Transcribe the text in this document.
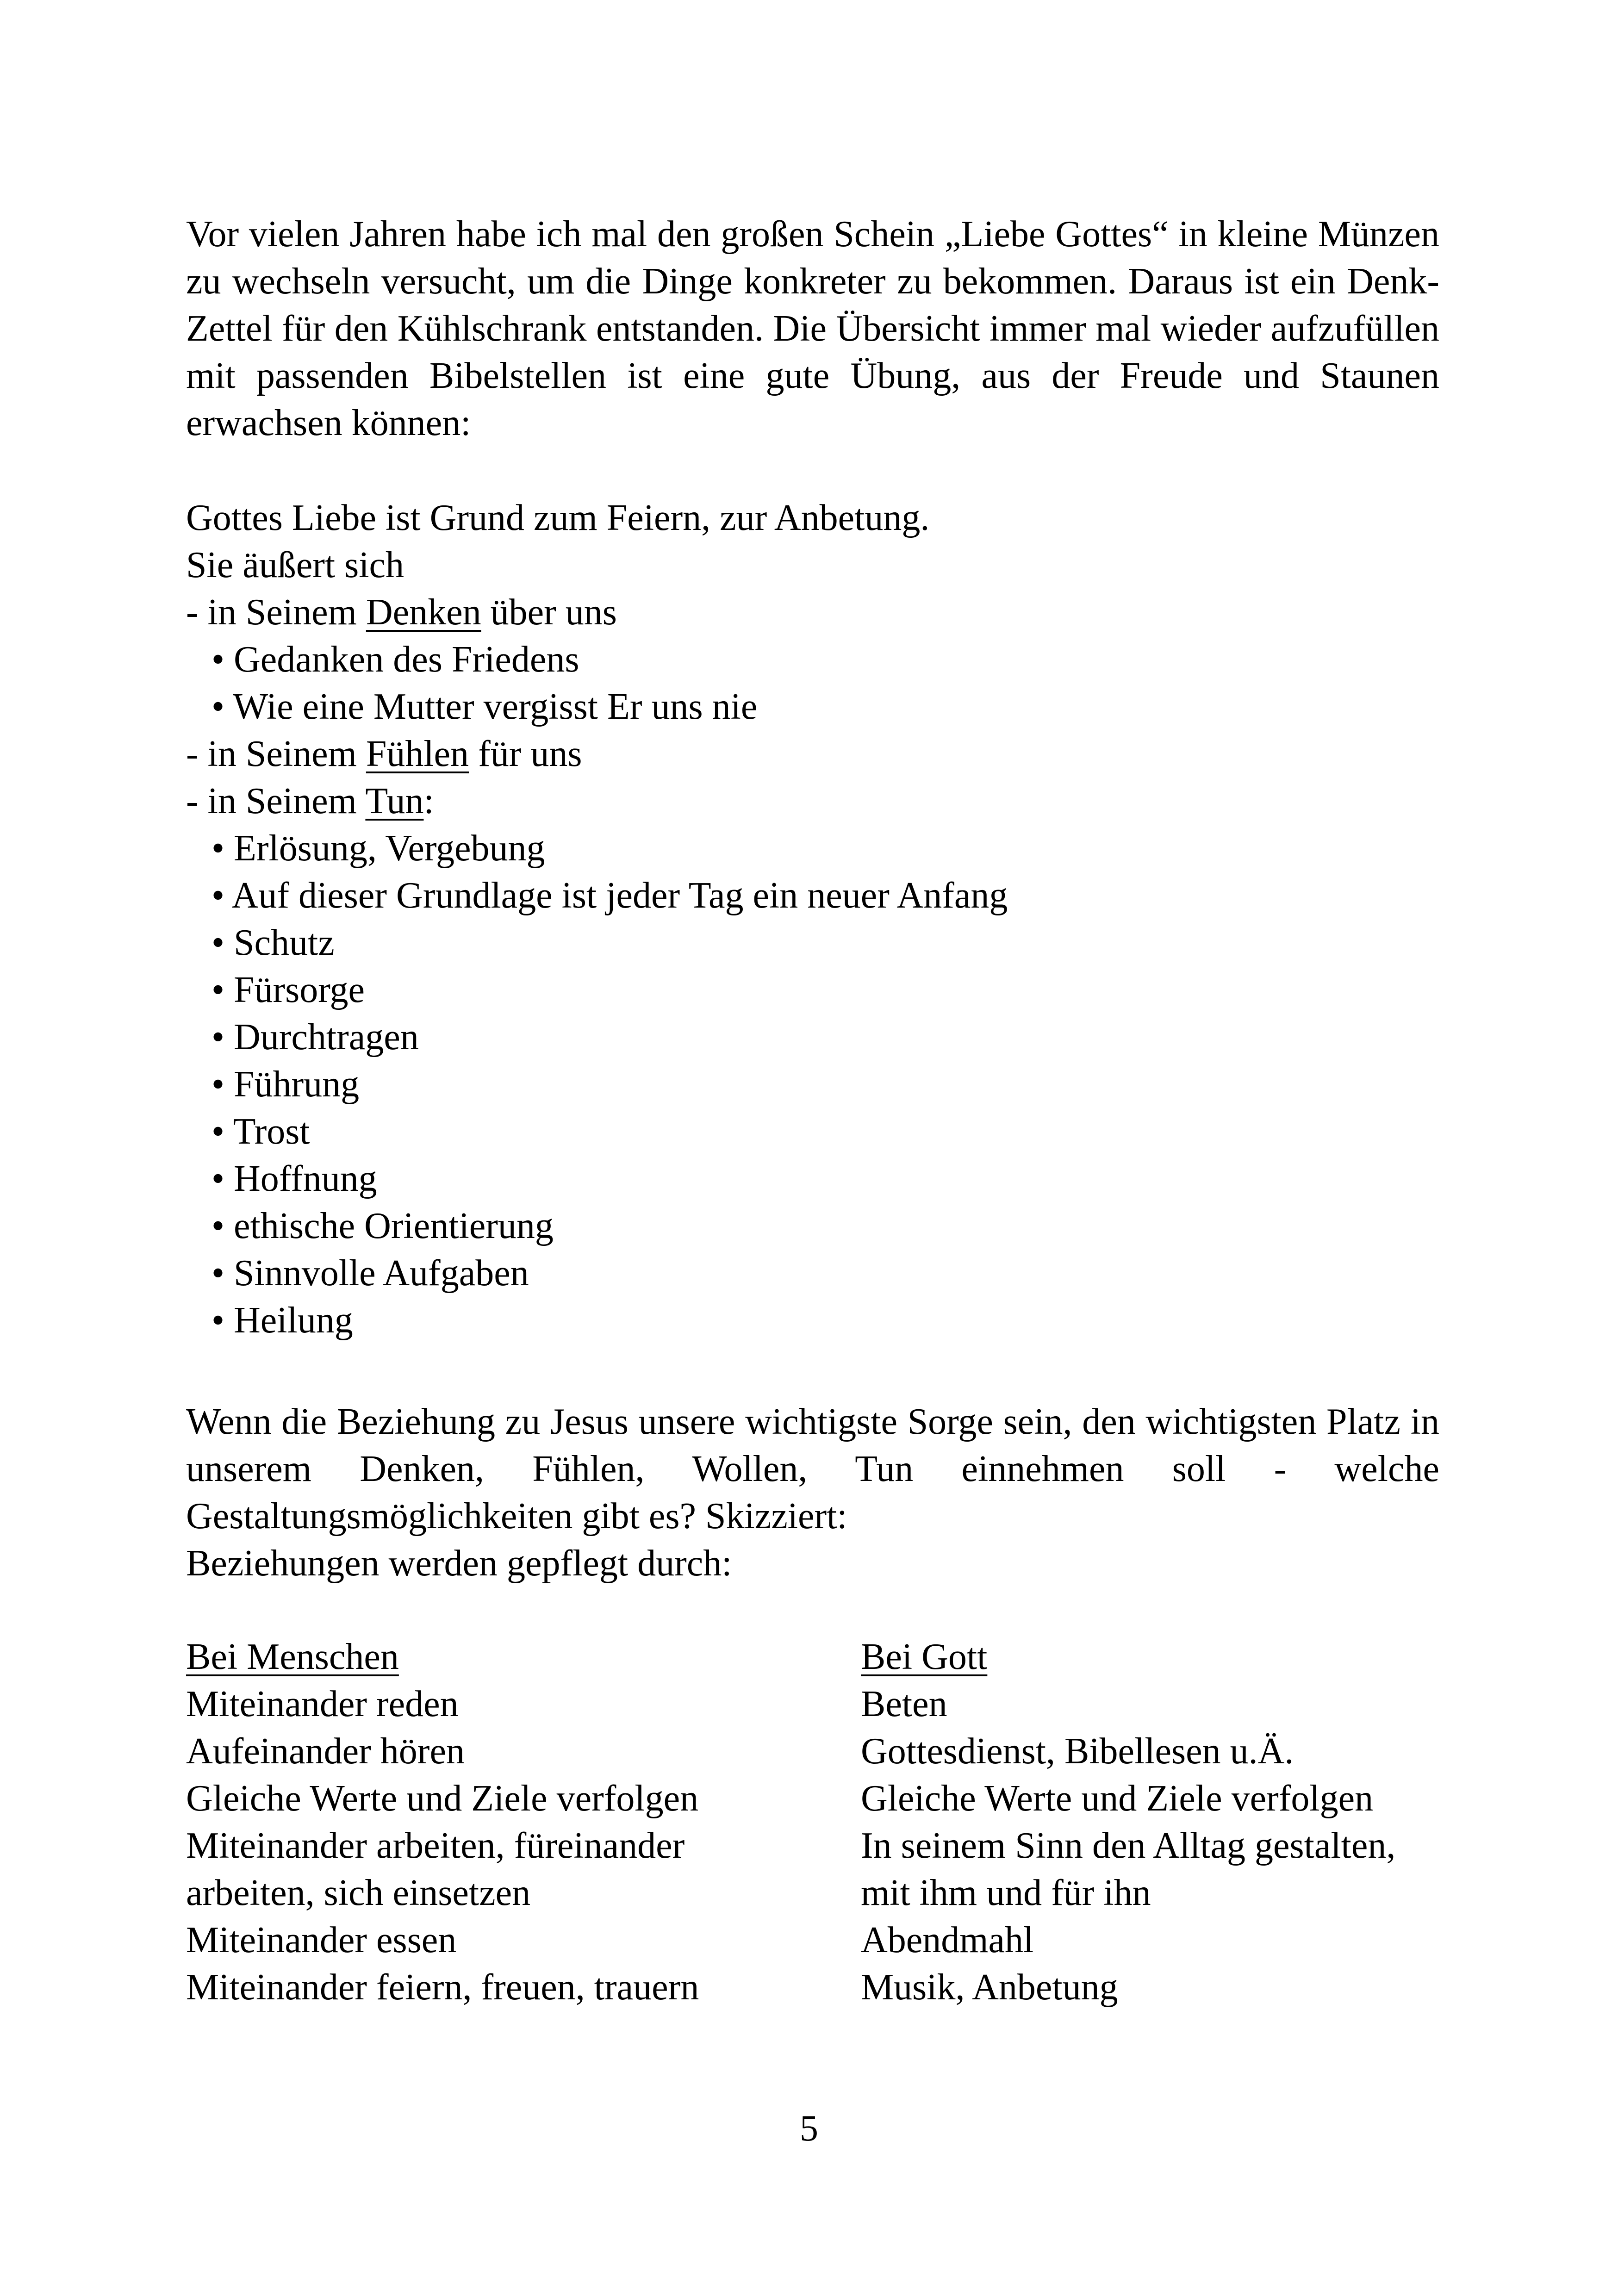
Vor vielen Jahren habe ich mal den großen Schein „Liebe Gottes“ in kleine Münzen zu wechseln versucht, um die Dinge konkreter zu bekommen. Daraus ist ein Denk-Zettel für den Kühlschrank entstanden. Die Übersicht immer mal wieder aufzufüllen mit passenden Bibelstellen ist eine gute Übung, aus der Freude und Staunen erwachsen können:

Gottes Liebe ist Grund zum Feiern, zur Anbetung.
Sie äußert sich
- in Seinem Denken über uns
• Gedanken des Friedens
• Wie eine Mutter vergisst Er uns nie
- in Seinem Fühlen für uns
- in Seinem Tun:
• Erlösung, Vergebung
• Auf dieser Grundlage ist jeder Tag ein neuer Anfang
• Schutz
• Fürsorge
• Durchtragen
• Führung
• Trost
• Hoffnung
• ethische Orientierung
• Sinnvolle Aufgaben
• Heilung

Wenn die Beziehung zu Jesus unsere wichtigste Sorge sein, den wichtigsten Platz in unserem Denken, Fühlen, Wollen, Tun einnehmen soll - welche Gestaltungsmöglichkeiten gibt es? Skizziert:

Beziehungen werden gepflegt durch:
Bei Menschen
Miteinander reden
Aufeinander hören
Gleiche Werte und Ziele verfolgen
Miteinander arbeiten, füreinander
arbeiten, sich einsetzen
Miteinander essen
Miteinander feiern, freuen, trauern
Bei Gott
Beten
Gottesdienst, Bibellesen u.Ä.
Gleiche Werte und Ziele verfolgen
In seinem Sinn den Alltag gestalten,
mit ihm und für ihn
Abendmahl
Musik, Anbetung
5
